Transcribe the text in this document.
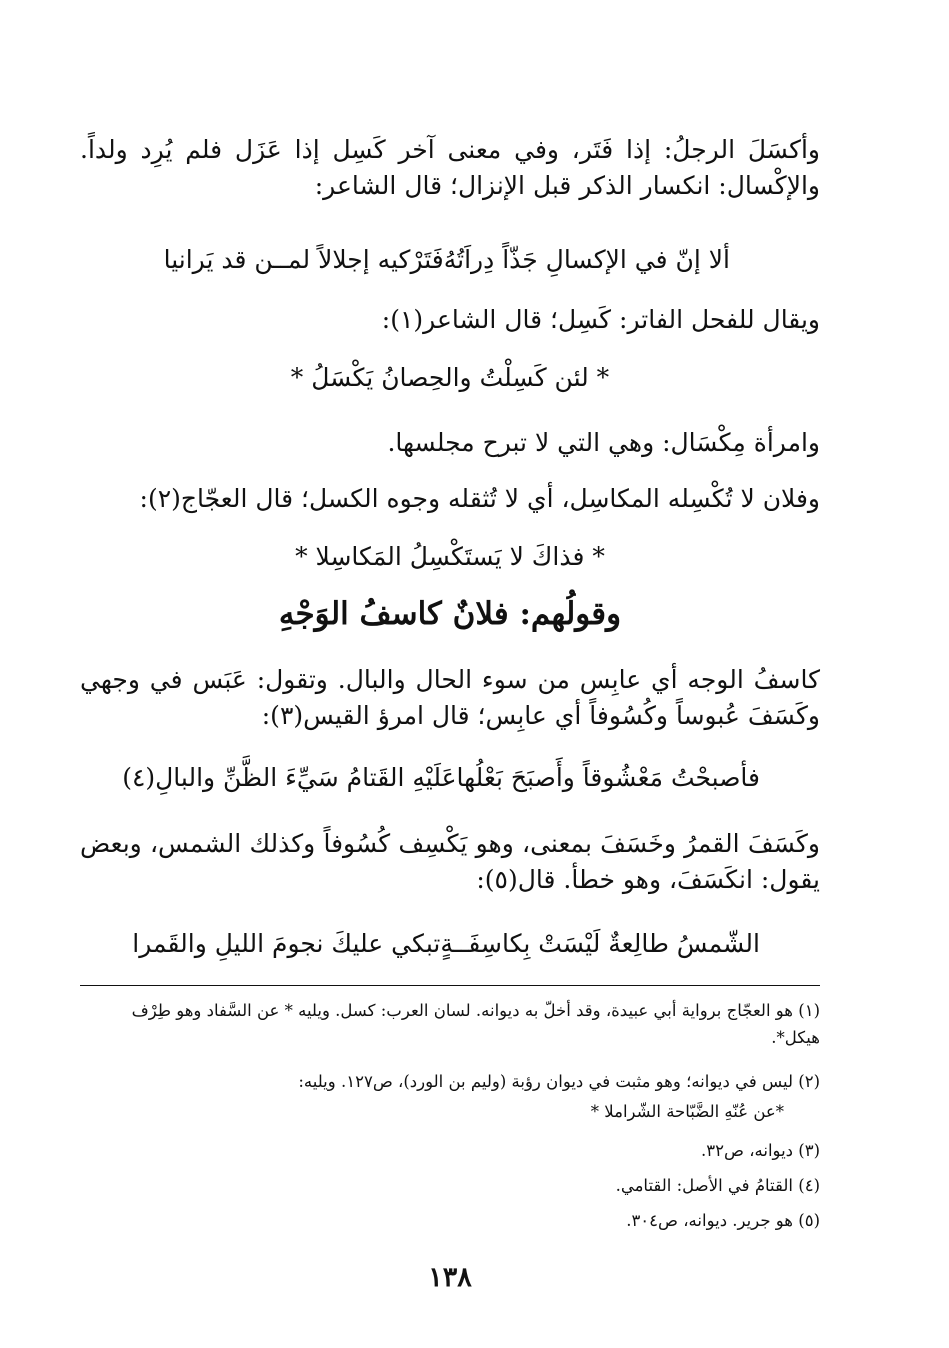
وأكسَلَ الرجلُ: إذا فَتَر، وفي معنى آخر كَسِل إذا عَزَل فلم يُرِد ولداً. والإكْسال: انكسار الذكر قبل الإنزال؛ قال الشاعر:

ألا إنّ في الإكسالِ جَذّاً دِراَتُهُ
فَتَرْكيه إجلالاً لمــن قد يَرانيا

ويقال للفحل الفاتر: كَسِل؛ قال الشاعر(١):

* لئن كَسِلْتُ والحِصانُ يَكْسَلُ *

وامرأة مِكْسَال: وهي التي لا تبرح مجلسها.

وفلان لا تُكْسِله المكاسِل، أي لا تُثقله وجوه الكسل؛ قال العجّاج(٢):

* فذاكَ لا يَستَكْسِلُ المَكاسِلا *

وقولُهم: فلانٌ كاسفُ الوَجْهِ

كاسفُ الوجه أي عابِس من سوء الحال والبال. وتقول: عَبَس في وجهي وكَسَفَ عُبوساً وكُسُوفاً أي عابِس؛ قال امرؤ القيس(٣):

فأصبحْتُ مَعْشُوقاً وأَصبَحَ بَعْلُها
عَلَيْهِ القَتامُ سَيِّءَ الظَّنِّ والبالِ(٤)

وكَسَفَ القمرُ وخَسَفَ بمعنى، وهو يَكْسِف كُسُوفاً وكذلك الشمس، وبعض يقول: انكَسَفَ، وهو خطأ. قال(٥):

الشّمسُ طالِعةٌ لَيْسَتْ بِكاسِفَــةٍ
تبكي عليكَ نجومَ الليلِ والقَمرا

(١) هو العجّاج برواية أبي عبيدة، وقد أخلّ به ديوانه. لسان العرب: كسل. ويليه * عن السَّفاد وهو طِرْف هيكل*.

(٢) ليس في ديوانه؛ وهو مثبت في ديوان رؤبة (وليم بن الورد)، ص١٢٧. ويليه:

*عن عُنّهِ الضَّبّاحة الشّراملا *

(٣) ديوانه، ص٣٢.

(٤) القتامُ في الأصل: القتامي.

(٥) هو جرير. ديوانه، ص٣٠٤.

١٣٨
